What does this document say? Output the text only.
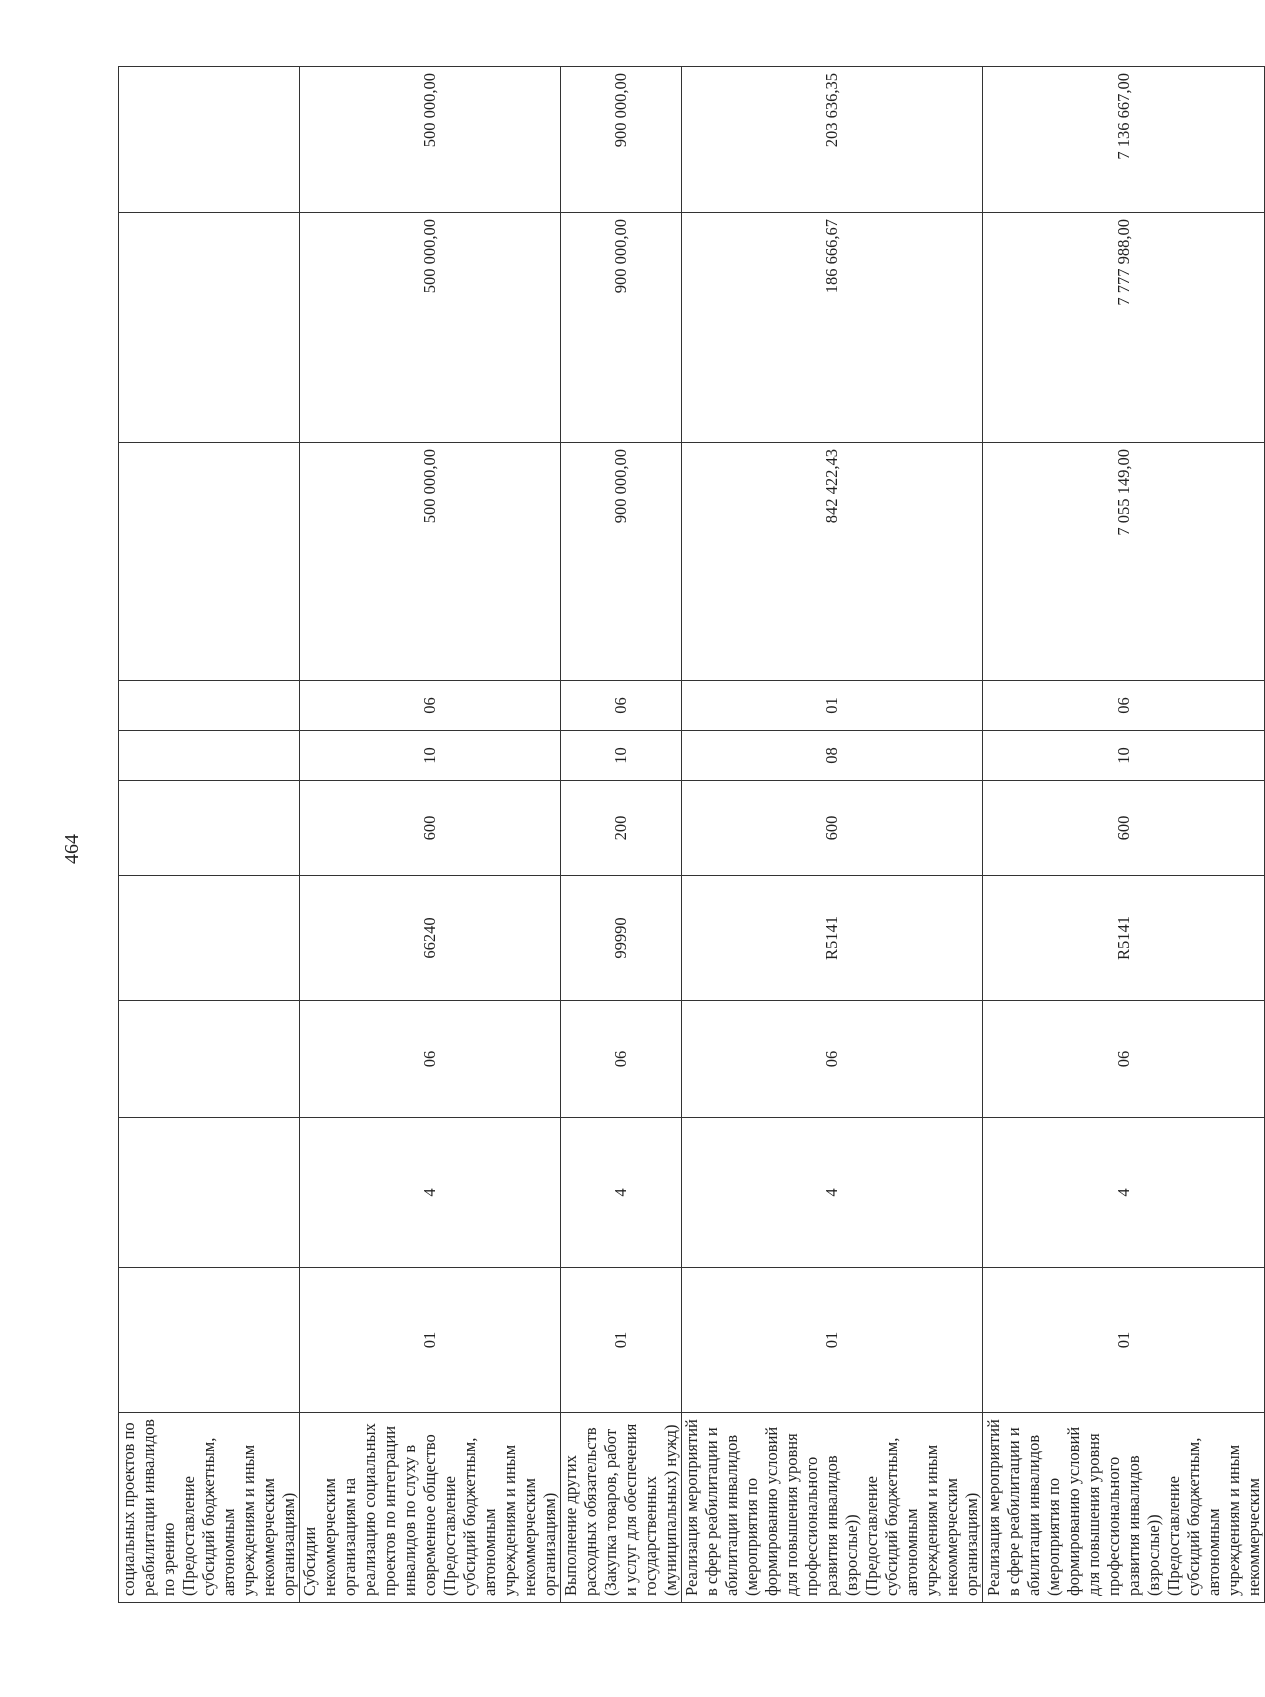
464
социальных проектов по реабилитации инвалидов по зрению (Предоставление субсидий бюджетным, автономным учреждениям и иным некоммерческим организациям)										
Субсидии некоммерческим организациям на реализацию социальных проектов по интеграции инвалидов по слуху в современное общество (Предоставление субсидий бюджетным, автономным учреждениям и иным некоммерческим организациям)	01	4	06	66240	600	10	06	500 000,00	500 000,00	500 000,00
Выполнение других расходных обязательств (Закупка товаров, работ и услуг для обеспечения государственных (муниципальных) нужд)	01	4	06	99990	200	10	06	900 000,00	900 000,00	900 000,00
Реализация мероприятий в сфере реабилитации и абилитации инвалидов (мероприятия по формированию условий для повышения уровня профессионального развития инвалидов (взрослые)) (Предоставление субсидий бюджетным, автономным учреждениям и иным некоммерческим организациям)	01	4	06	R5141	600	08	01	842 422,43	186 666,67	203 636,35
Реализация мероприятий в сфере реабилитации и абилитации инвалидов (мероприятия по формированию условий для повышения уровня профессионального развития инвалидов (взрослые)) (Предоставление субсидий бюджетным, автономным учреждениям и иным некоммерческим	01	4	06	R5141	600	10	06	7 055 149,00	7 777 988,00	7 136 667,00
